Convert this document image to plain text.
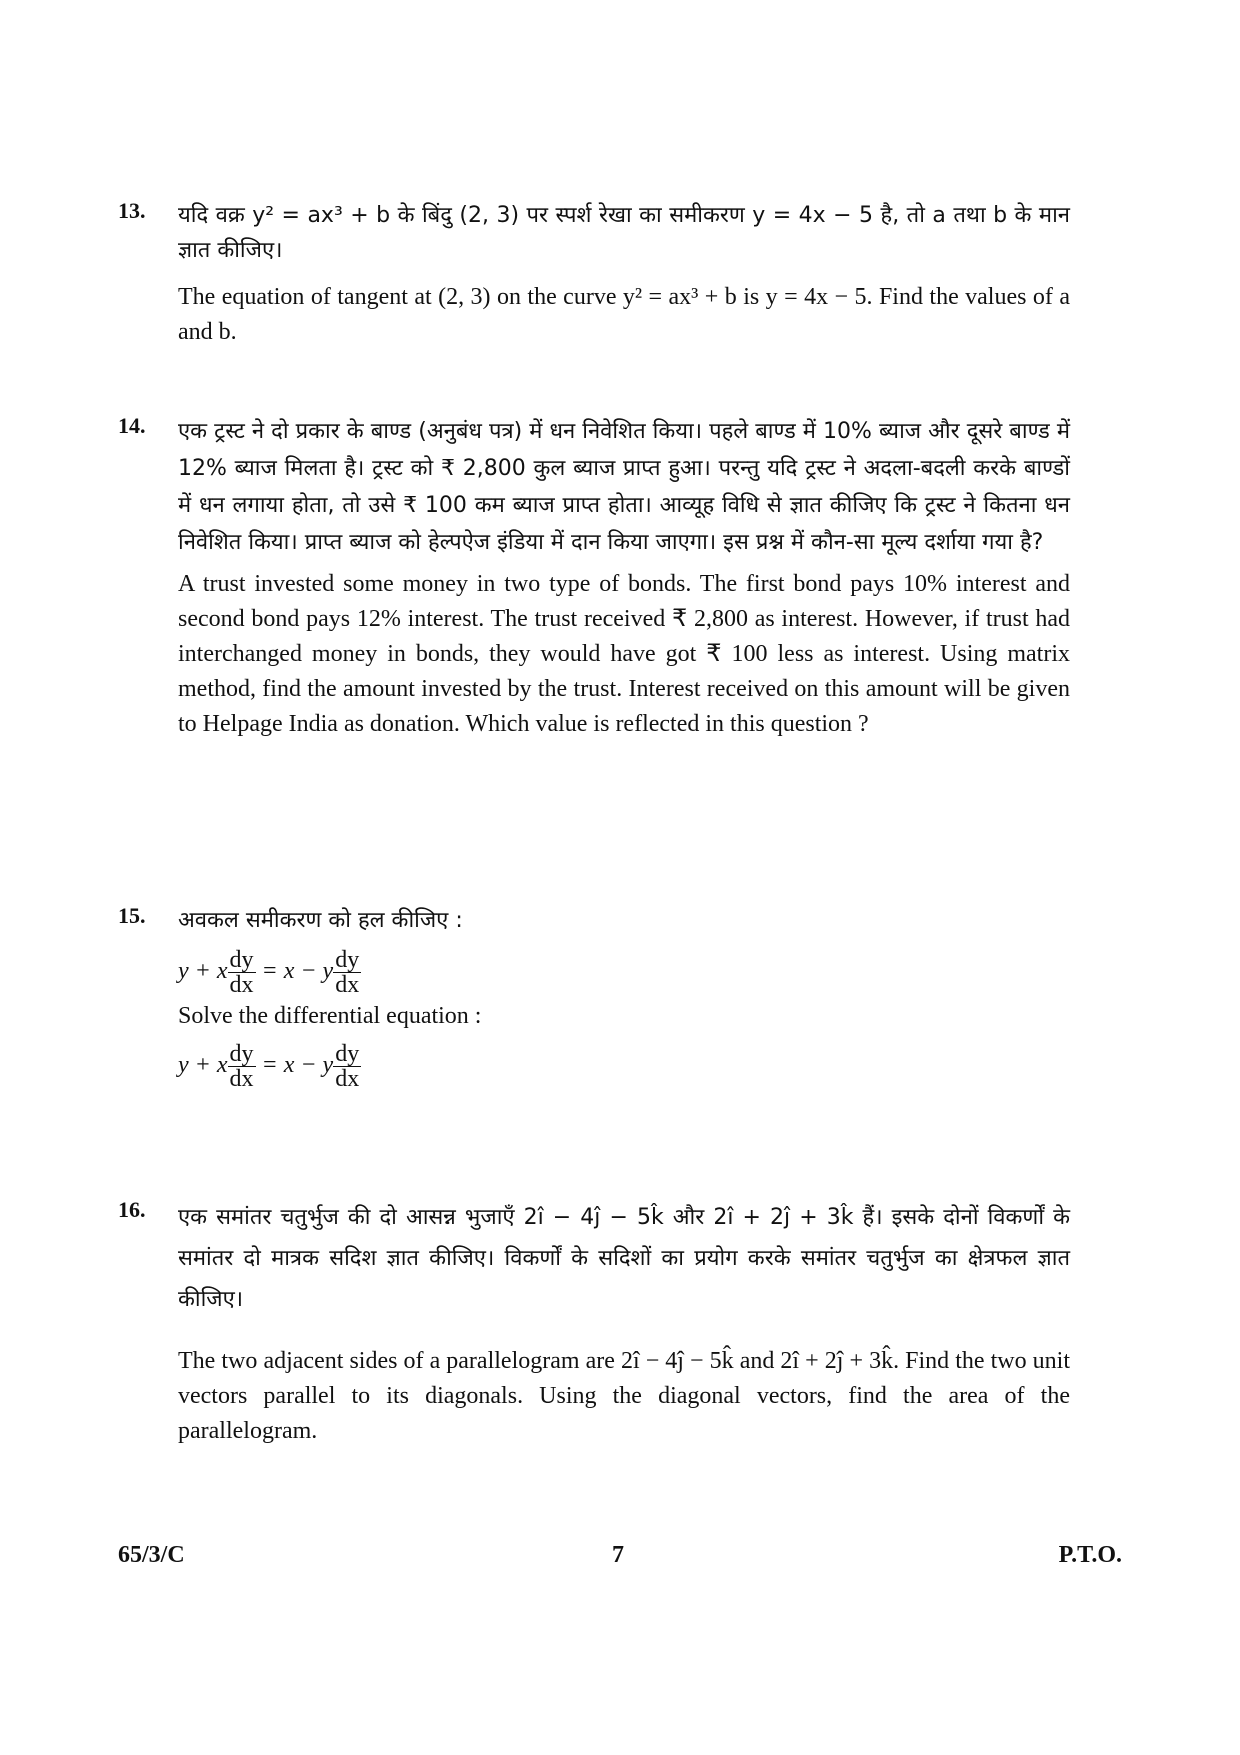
13.	यदि वक्र y² = ax³ + b के बिंदु (2, 3) पर स्पर्श रेखा का समीकरण y = 4x − 5 है, तो a तथा b के मान ज्ञात कीजिए।

The equation of tangent at (2, 3) on the curve y² = ax³ + b is y = 4x − 5. Find the values of a and b.

14.	एक ट्रस्ट ने दो प्रकार के बाण्ड (अनुबंध पत्र) में धन निवेशित किया। पहले बाण्ड में 10% ब्याज और दूसरे बाण्ड में 12% ब्याज मिलता है। ट्रस्ट को ₹ 2,800 कुल ब्याज प्राप्त हुआ। परन्तु यदि ट्रस्ट ने अदला-बदली करके बाण्डों में धन लगाया होता, तो उसे ₹ 100 कम ब्याज प्राप्त होता। आव्यूह विधि से ज्ञात कीजिए कि ट्रस्ट ने कितना धन निवेशित किया। प्राप्त ब्याज को हेल्पऐज इंडिया में दान किया जाएगा। इस प्रश्न में कौन-सा मूल्य दर्शाया गया है?

A trust invested some money in two type of bonds. The first bond pays 10% interest and second bond pays 12% interest. The trust received ₹ 2,800 as interest. However, if trust had interchanged money in bonds, they would have got ₹ 100 less as interest. Using matrix method, find the amount invested by the trust. Interest received on this amount will be given to Helpage India as donation. Which value is reflected in this question ?

15.	अवकल समीकरण को हल कीजिए :

y + x $\frac{dy}{dx} = x - y \frac{dy}{dx}$

Solve the differential equation :

y + x $\frac{dy}{dx} = x - y \frac{dy}{dx}$

16.	एक समांतर चतुर्भुज की दो आसन्न भुजाएँ 2î − 4ĵ − 5k̂ और 2î + 2ĵ + 3k̂ हैं। इसके दोनों विकर्णों के समांतर दो मात्रक सदिश ज्ञात कीजिए। विकर्णों के सदिशों का प्रयोग करके समांतर चतुर्भुज का क्षेत्रफल ज्ञात कीजिए।

The two adjacent sides of a parallelogram are 2î − 4ĵ − 5k̂ and 2î + 2ĵ + 3k̂. Find the two unit vectors parallel to its diagonals. Using the diagonal vectors, find the area of the parallelogram.

65/3/C	7	P.T.O.
